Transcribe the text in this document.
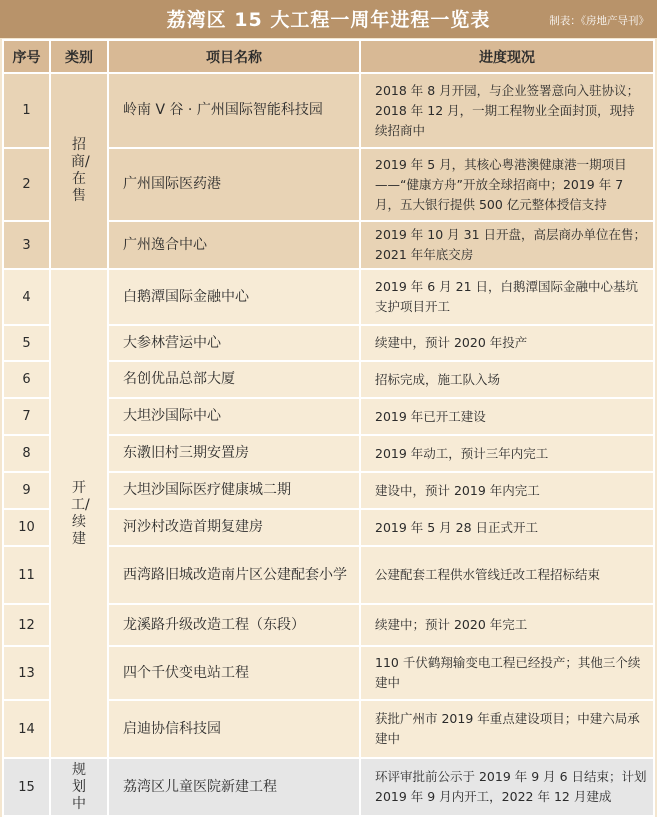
荔湾区 15 大工程一周年进程一览表	制表：《房地产导刊》
序号	类别	项目名称	进度现况
1	招商/在售	岭南 V 谷 · 广州国际智能科技园	2018 年 8 月开园，与企业签署意向入驻协议；2018 年 12 月，一期工程物业全面封顶，现持续招商中
2		广州国际医药港	2019 年 5 月，其核心粤港澳健康港一期项目——“健康方舟”开放全球招商中；2019 年 7 月，五大银行提供 500 亿元整体授信支持
3		广州逸合中心	2019 年 10 月 31 日开盘，高层商办单位在售；2021 年年底交房
4	开工/续建	白鹅潭国际金融中心	2019 年 6 月 21 日，白鹅潭国际金融中心基坑支护项目开工
5		大参林营运中心	续建中，预计 2020 年投产
6		名创优品总部大厦	招标完成，施工队入场
7		大坦沙国际中心	2019 年已开工建设
8		东漖旧村三期安置房	2019 年动工，预计三年内完工
9		大坦沙国际医疗健康城二期	建设中，预计 2019 年内完工
10		河沙村改造首期复建房	2019 年 5 月 28 日正式开工
11		西湾路旧城改造南片区公建配套小学	公建配套工程供水管线迁改工程招标结束
12		龙溪路升级改造工程（东段）	续建中；预计 2020 年完工
13		四个千伏变电站工程	110 千伏鹤翔输变电工程已经投产；其他三个续建中
14		启迪协信科技园	获批广州市 2019 年重点建设项目；中建六局承建中
15	规划中	荔湾区儿童医院新建工程	环评审批前公示于 2019 年 9 月 6 日结束；计划 2019 年 9 月内开工，2022 年 12 月建成
